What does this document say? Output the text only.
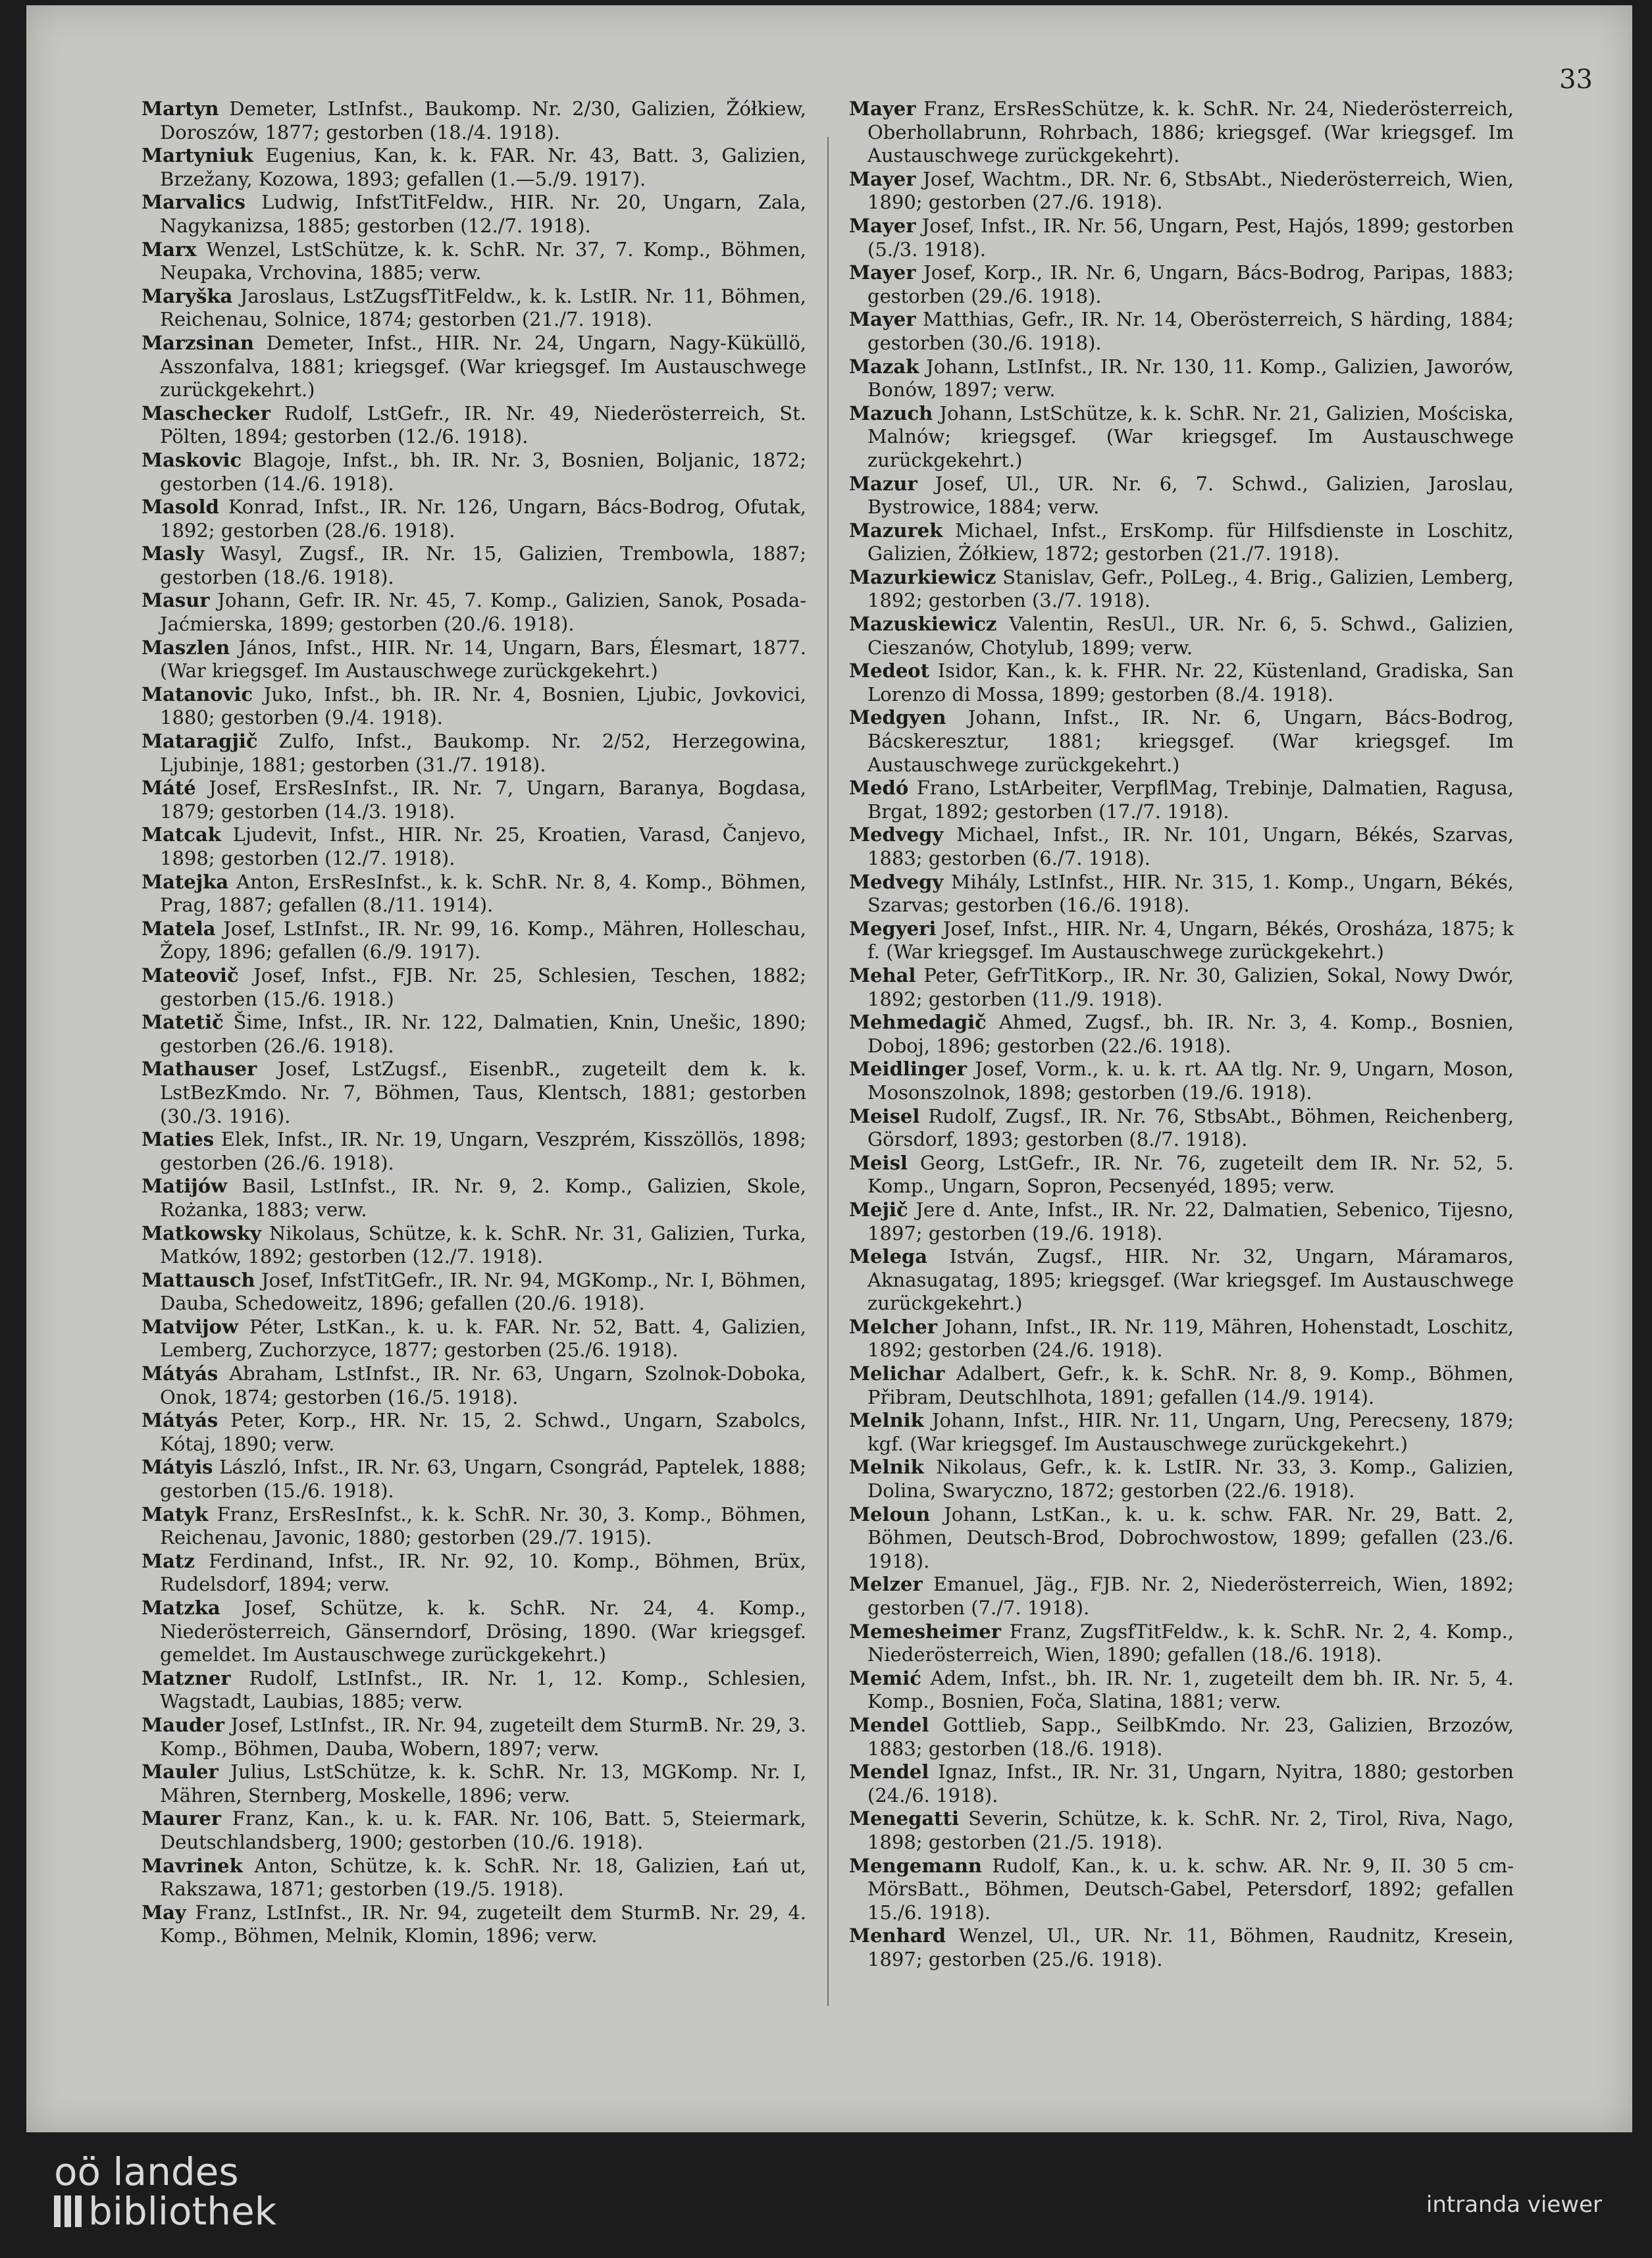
33

Martyn Demeter, LstInfst., Baukomp. Nr. 2/30, Galizien, Žółkiew, Doroszów, 1877; gestorben (18./4. 1918).

Martyniuk Eugenius, Kan, k. k. FAR. Nr. 43, Batt. 3, Galizien, Brzežany, Kozowa, 1893; gefallen (1.—5./9. 1917).

Marvalics Ludwig, InfstTitFeldw., HIR. Nr. 20, Ungarn, Zala, Nagykanizsa, 1885; gestorben (12./7. 1918).

Marx Wenzel, LstSchütze, k. k. SchR. Nr. 37, 7. Komp., Böhmen, Neupaka, Vrchovina, 1885; verw.

Maryška Jaroslaus, LstZugsfTitFeldw., k. k. LstIR. Nr. 11, Böhmen, Reichenau, Solnice, 1874; gestorben (21./7. 1918).

Marzsinan Demeter, Infst., HIR. Nr. 24, Ungarn, Nagy-Küküllö, Asszonfalva, 1881; kriegsgef. (War kriegsgef. Im Austauschwege zurückgekehrt.)

Maschecker Rudolf, LstGefr., IR. Nr. 49, Niederösterreich, St. Pölten, 1894; gestorben (12./6. 1918).

Maskovic Blagoje, Infst., bh. IR. Nr. 3, Bosnien, Boljanic, 1872; gestorben (14./6. 1918).

Masold Konrad, Infst., IR. Nr. 126, Ungarn, Bács-Bodrog, Ofutak, 1892; gestorben (28./6. 1918).

Masly Wasyl, Zugsf., IR. Nr. 15, Galizien, Trembowla, 1887; gestorben (18./6. 1918).

Masur Johann, Gefr. IR. Nr. 45, 7. Komp., Galizien, Sanok, Posada-Jaćmierska, 1899; gestorben (20./6. 1918).

Maszlen János, Infst., HIR. Nr. 14, Ungarn, Bars, Élesmart, 1877. (War kriegsgef. Im Austauschwege zurückgekehrt.)

Matanovic Juko, Infst., bh. IR. Nr. 4, Bosnien, Ljubic, Jovkovici, 1880; gestorben (9./4. 1918).

Mataragjič Zulfo, Infst., Baukomp. Nr. 2/52, Herzegowina, Ljubinje, 1881; gestorben (31./7. 1918).

Máté Josef, ErsResInfst., IR. Nr. 7, Ungarn, Baranya, Bogdasa, 1879; gestorben (14./3. 1918).

Matcak Ljudevit, Infst., HIR. Nr. 25, Kroatien, Varasd, Čanjevo, 1898; gestorben (12./7. 1918).

Matejka Anton, ErsResInfst., k. k. SchR. Nr. 8, 4. Komp., Böhmen, Prag, 1887; gefallen (8./11. 1914).

Matela Josef, LstInfst., IR. Nr. 99, 16. Komp., Mähren, Holleschau, Žopy, 1896; gefallen (6./9. 1917).

Mateovič Josef, Infst., FJB. Nr. 25, Schlesien, Teschen, 1882; gestorben (15./6. 1918.)

Matetič Šime, Infst., IR. Nr. 122, Dalmatien, Knin, Unešic, 1890; gestorben (26./6. 1918).

Mathauser Josef, LstZugsf., EisenbR., zugeteilt dem k. k. LstBezKmdo. Nr. 7, Böhmen, Taus, Klentsch, 1881; gestorben (30./3. 1916).

Maties Elek, Infst., IR. Nr. 19, Ungarn, Veszprém, Kisszöllös, 1898; gestorben (26./6. 1918).

Matijów Basil, LstInfst., IR. Nr. 9, 2. Komp., Galizien, Skole, Rożanka, 1883; verw.

Matkowsky Nikolaus, Schütze, k. k. SchR. Nr. 31, Galizien, Turka, Matków, 1892; gestorben (12./7. 1918).

Mattausch Josef, InfstTitGefr., IR. Nr. 94, MGKomp., Nr. I, Böhmen, Dauba, Schedoweitz, 1896; gefallen (20./6. 1918).

Matvijow Péter, LstKan., k. u. k. FAR. Nr. 52, Batt. 4, Galizien, Lemberg, Zuchorzyce, 1877; gestorben (25./6. 1918).

Mátyás Abraham, LstInfst., IR. Nr. 63, Ungarn, Szolnok-Doboka, Onok, 1874; gestorben (16./5. 1918).

Mátyás Peter, Korp., HR. Nr. 15, 2. Schwd., Ungarn, Szabolcs, Kótaj, 1890; verw.

Mátyis László, Infst., IR. Nr. 63, Ungarn, Csongrád, Paptelek, 1888; gestorben (15./6. 1918).

Matyk Franz, ErsResInfst., k. k. SchR. Nr. 30, 3. Komp., Böhmen, Reichenau, Javonic, 1880; gestorben (29./7. 1915).

Matz Ferdinand, Infst., IR. Nr. 92, 10. Komp., Böhmen, Brüx, Rudelsdorf, 1894; verw.

Matzka Josef, Schütze, k. k. SchR. Nr. 24, 4. Komp., Niederösterreich, Gänserndorf, Drösing, 1890. (War kriegsgef. gemeldet. Im Austauschwege zurückgekehrt.)

Matzner Rudolf, LstInfst., IR. Nr. 1, 12. Komp., Schlesien, Wagstadt, Laubias, 1885; verw.

Mauder Josef, LstInfst., IR. Nr. 94, zugeteilt dem SturmB. Nr. 29, 3. Komp., Böhmen, Dauba, Wobern, 1897; verw.

Mauler Julius, LstSchütze, k. k. SchR. Nr. 13, MGKomp. Nr. I, Mähren, Sternberg, Moskelle, 1896; verw.

Maurer Franz, Kan., k. u. k. FAR. Nr. 106, Batt. 5, Steiermark, Deutschlandsberg, 1900; gestorben (10./6. 1918).

Mavrinek Anton, Schütze, k. k. SchR. Nr. 18, Galizien, Łań ut, Rakszawa, 1871; gestorben (19./5. 1918).

May Franz, LstInfst., IR. Nr. 94, zugeteilt dem SturmB. Nr. 29, 4. Komp., Böhmen, Melnik, Klomin, 1896; verw.

Mayer Franz, ErsResSchütze, k. k. SchR. Nr. 24, Niederösterreich, Oberhollabrunn, Rohrbach, 1886; kriegsgef. (War kriegsgef. Im Austauschwege zurückgekehrt).

Mayer Josef, Wachtm., DR. Nr. 6, StbsAbt., Niederösterreich, Wien, 1890; gestorben (27./6. 1918).

Mayer Josef, Infst., IR. Nr. 56, Ungarn, Pest, Hajós, 1899; gestorben (5./3. 1918).

Mayer Josef, Korp., IR. Nr. 6, Ungarn, Bács-Bodrog, Paripas, 1883; gestorben (29./6. 1918).

Mayer Matthias, Gefr., IR. Nr. 14, Oberösterreich, S härding, 1884; gestorben (30./6. 1918).

Mazak Johann, LstInfst., IR. Nr. 130, 11. Komp., Galizien, Jaworów, Bonów, 1897; verw.

Mazuch Johann, LstSchütze, k. k. SchR. Nr. 21, Galizien, Mościska, Malnów; kriegsgef. (War kriegsgef. Im Austauschwege zurückgekehrt.)

Mazur Josef, Ul., UR. Nr. 6, 7. Schwd., Galizien, Jaroslau, Bystrowice, 1884; verw.

Mazurek Michael, Infst., ErsKomp. für Hilfsdienste in Loschitz, Galizien, Żółkiew, 1872; gestorben (21./7. 1918).

Mazurkiewicz Stanislav, Gefr., PolLeg., 4. Brig., Galizien, Lemberg, 1892; gestorben (3./7. 1918).

Mazuskiewicz Valentin, ResUl., UR. Nr. 6, 5. Schwd., Galizien, Cieszanów, Chotylub, 1899; verw.

Medeot Isidor, Kan., k. k. FHR. Nr. 22, Küstenland, Gradiska, San Lorenzo di Mossa, 1899; gestorben (8./4. 1918).

Medgyen Johann, Infst., IR. Nr. 6, Ungarn, Bács-Bodrog, Bácskeresztur, 1881; kriegsgef. (War kriegsgef. Im Austauschwege zurückgekehrt.)

Medó Frano, LstArbeiter, VerpflMag, Trebinje, Dalmatien, Ragusa, Brgat, 1892; gestorben (17./7. 1918).

Medvegy Michael, Infst., IR. Nr. 101, Ungarn, Békés, Szarvas, 1883; gestorben (6./7. 1918).

Medvegy Mihály, LstInfst., HIR. Nr. 315, 1. Komp., Ungarn, Békés, Szarvas; gestorben (16./6. 1918).

Megyeri Josef, Infst., HIR. Nr. 4, Ungarn, Békés, Orosháza, 1875; k f. (War kriegsgef. Im Austauschwege zurückgekehrt.)

Mehal Peter, GefrTitKorp., IR. Nr. 30, Galizien, Sokal, Nowy Dwór, 1892; gestorben (11./9. 1918).

Mehmedagič Ahmed, Zugsf., bh. IR. Nr. 3, 4. Komp., Bosnien, Doboj, 1896; gestorben (22./6. 1918).

Meidlinger Josef, Vorm., k. u. k. rt. AA tlg. Nr. 9, Ungarn, Moson, Mosonszolnok, 1898; gestorben (19./6. 1918).

Meisel Rudolf, Zugsf., IR. Nr. 76, StbsAbt., Böhmen, Reichenberg, Görsdorf, 1893; gestorben (8./7. 1918).

Meisl Georg, LstGefr., IR. Nr. 76, zugeteilt dem IR. Nr. 52, 5. Komp., Ungarn, Sopron, Pecsenyéd, 1895; verw.

Mejič Jere d. Ante, Infst., IR. Nr. 22, Dalmatien, Sebenico, Tijesno, 1897; gestorben (19./6. 1918).

Melega István, Zugsf., HIR. Nr. 32, Ungarn, Máramaros, Aknasugatag, 1895; kriegsgef. (War kriegsgef. Im Austauschwege zurückgekehrt.)

Melcher Johann, Infst., IR. Nr. 119, Mähren, Hohenstadt, Loschitz, 1892; gestorben (24./6. 1918).

Melichar Adalbert, Gefr., k. k. SchR. Nr. 8, 9. Komp., Böhmen, Přibram, Deutschlhota, 1891; gefallen (14./9. 1914).

Melnik Johann, Infst., HIR. Nr. 11, Ungarn, Ung, Perecseny, 1879; kgf. (War kriegsgef. Im Austauschwege zurückgekehrt.)

Melnik Nikolaus, Gefr., k. k. LstIR. Nr. 33, 3. Komp., Galizien, Dolina, Swaryczno, 1872; gestorben (22./6. 1918).

Meloun Johann, LstKan., k. u. k. schw. FAR. Nr. 29, Batt. 2, Böhmen, Deutsch-Brod, Dobrochwostow, 1899; gefallen (23./6. 1918).

Melzer Emanuel, Jäg., FJB. Nr. 2, Niederösterreich, Wien, 1892; gestorben (7./7. 1918).

Memesheimer Franz, ZugsfTitFeldw., k. k. SchR. Nr. 2, 4. Komp., Niederösterreich, Wien, 1890; gefallen (18./6. 1918).

Memić Adem, Infst., bh. IR. Nr. 1, zugeteilt dem bh. IR. Nr. 5, 4. Komp., Bosnien, Foča, Slatina, 1881; verw.

Mendel Gottlieb, Sapp., SeilbKmdo. Nr. 23, Galizien, Brzozów, 1883; gestorben (18./6. 1918).

Mendel Ignaz, Infst., IR. Nr. 31, Ungarn, Nyitra, 1880; gestorben (24./6. 1918).

Menegatti Severin, Schütze, k. k. SchR. Nr. 2, Tirol, Riva, Nago, 1898; gestorben (21./5. 1918).

Mengemann Rudolf, Kan., k. u. k. schw. AR. Nr. 9, II. 30 5 cm-MörsBatt., Böhmen, Deutsch-Gabel, Petersdorf, 1892; gefallen 15./6. 1918).

Menhard Wenzel, Ul., UR. Nr. 11, Böhmen, Raudnitz, Kresein, 1897; gestorben (25./6. 1918).

oö landes
bibliothek	intranda viewer
